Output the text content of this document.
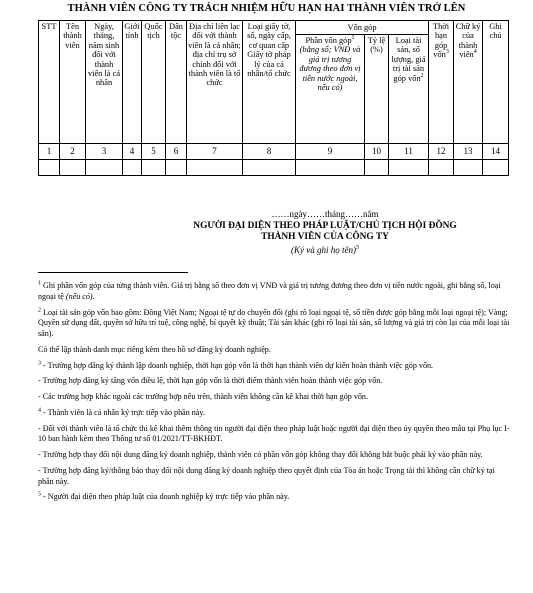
THÀNH VIÊN CÔNG TY TRÁCH NHIỆM HỮU HẠN HAI THÀNH VIÊN TRỞ LÊN
STT	Tên thành viên	Ngày, tháng, năm sinh đối với thành viên là cá nhân	Giới tính	Quốc tịch	Dân tộc	Địa chỉ liên lạc đối với thành viên là cá nhân; địa chỉ trụ sở chính đối với thành viên là tổ chức	Loại giấy tờ, số, ngày cấp, cơ quan cấp Giấy tờ pháp lý của cá nhân/tổ chức	Vốn góp			Thời hạn góp vốn$^3$	Chữ ký của thành viên$^4$	Ghi chú
								Phần vốn góp$^1$ (bằng số; VNĐ và giá trị tương đương theo đơn vị tiền nước ngoài, nếu có)	Tỷ lệ (%)	Loại tài sản, số lượng, giá trị tài sản góp vốn$^2$
1	2	3	4	5	6	7	8	9	10	11	12	13	14

……ngày……tháng……năm
NGƯỜI ĐẠI DIỆN THEO PHÁP LUẬT/CHỦ TỊCH HỘI ĐỒNG THÀNH VIÊN CỦA CÔNG TY
(Ký và ghi họ tên)$^5$

$^1$ Ghi phần vốn góp của từng thành viên. Giá trị bằng số theo đơn vị VNĐ và giá trị tương đương theo đơn vị tiền nước ngoài, ghi bằng số, loại ngoại tệ (nếu có).

$^2$ Loại tài sản góp vốn bao gồm: Đồng Việt Nam; Ngoại tệ tự do chuyển đổi (ghi rõ loại ngoại tệ, số tiền được góp bằng mỗi loại ngoại tệ); Vàng; Quyền sử dụng đất, quyền sở hữu trí tuệ, công nghệ, bí quyết kỹ thuật; Tài sản khác (ghi rõ loại tài sản, số lượng và giá trị còn lại của mỗi loại tài sản).

Có thể lập thành danh mục riêng kèm theo hồ sơ đăng ký doanh nghiệp.

$^3$ - Trường hợp đăng ký thành lập doanh nghiệp, thời hạn góp vốn là thời hạn thành viên dự kiến hoàn thành việc góp vốn.

- Trường hợp đăng ký tăng vốn điều lệ, thời hạn góp vốn là thời điểm thành viên hoàn thành việc góp vốn.

- Các trường hợp khác ngoài các trường hợp nêu trên, thành viên không cần kê khai thời hạn góp vốn.

$^4$ - Thành viên là cá nhân ký trực tiếp vào phần này.

- Đối với thành viên là tổ chức thì kê khai thêm thông tin người đại diện theo pháp luật hoặc người đại diện theo ủy quyền theo mẫu tại Phụ lục I-10 ban hành kèm theo Thông tư số 01/2021/TT-BKHĐT.

- Trường hợp thay đổi nội dung đăng ký doanh nghiệp, thành viên có phần vốn góp không thay đổi không bắt buộc phải ký vào phần này.

- Trường hợp đăng ký/thông báo thay đổi nội dung đăng ký doanh nghiệp theo quyết định của Tòa án hoặc Trọng tài thì không cần chữ ký tại phần này.

$^5$ - Người đại diện theo pháp luật của doanh nghiệp ký trực tiếp vào phần này.
